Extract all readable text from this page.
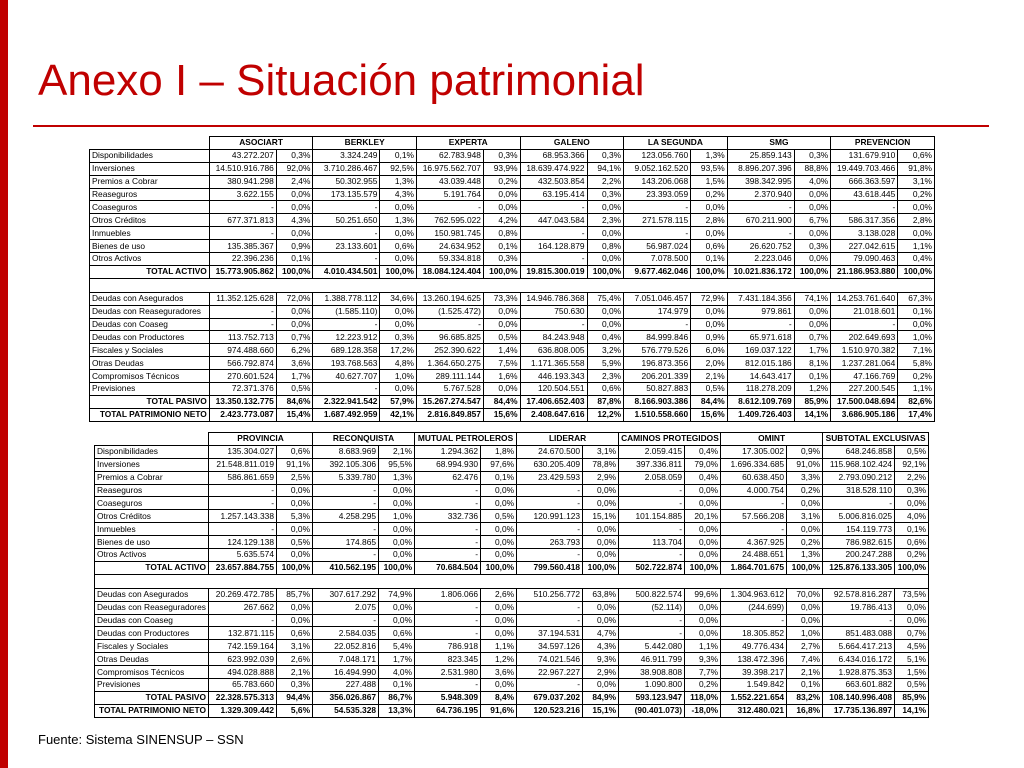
Anexo I – Situación patrimonial
	ASOCIART		BERKLEY		EXPERTA		GALENO		LA SEGUNDA		SMG		PREVENCION	
Disponibilidades	43.272.207	0,3%	3.324.249	0,1%	62.783.948	0,3%	68.953.366	0,3%	123.056.760	1,3%	25.859.143	0,3%	131.679.910	0,6%
Inversiones	14.510.916.786	92,0%	3.710.286.467	92,5%	16.975.562.707	93,9%	18.639.474.922	94,1%	9.052.162.520	93,5%	8.896.207.396	88,8%	19.449.703.466	91,8%
Premios a Cobrar	380.941.298	2,4%	50.302.955	1,3%	43.039.448	0,2%	432.503.854	2,2%	143.206.068	1,5%	398.342.995	4,0%	666.363.597	3,1%
Reaseguros	3.622.155	0,0%	173.135.579	4,3%	5.191.764	0,0%	63.195.414	0,3%	23.393.059	0,2%	2.370.940	0,0%	43.618.445	0,2%
Coaseguros	-	0,0%	-	0,0%	-	0,0%	-	0,0%	-	0,0%	-	0,0%	-	0,0%
Otros Créditos	677.371.813	4,3%	50.251.650	1,3%	762.595.022	4,2%	447.043.584	2,3%	271.578.115	2,8%	670.211.900	6,7%	586.317.356	2,8%
Inmuebles	-	0,0%	-	0,0%	150.981.745	0,8%	-	0,0%	-	0,0%	-	0,0%	3.138.028	0,0%
Bienes de uso	135.385.367	0,9%	23.133.601	0,6%	24.634.952	0,1%	164.128.879	0,8%	56.987.024	0,6%	26.620.752	0,3%	227.042.615	1,1%
Otros Activos	22.396.236	0,1%	-	0,0%	59.334.818	0,3%	-	0,0%	7.078.500	0,1%	2.223.046	0,0%	79.090.463	0,4%
TOTAL ACTIVO	15.773.905.862	100,0%	4.010.434.501	100,0%	18.084.124.404	100,0%	19.815.300.019	100,0%	9.677.462.046	100,0%	10.021.836.172	100,0%	21.186.953.880	100,0%

Deudas con Asegurados	11.352.125.628	72,0%	1.388.778.112	34,6%	13.260.194.625	73,3%	14.946.786.368	75,4%	7.051.046.457	72,9%	7.431.184.356	74,1%	14.253.761.640	67,3%
Deudas con Reaseguradores	-	0,0%	(1.585.110)	0,0%	(1.525.472)	0,0%	750.630	0,0%	174.979	0,0%	979.861	0,0%	21.018.601	0,1%
Deudas con Coaseg	-	0,0%	-	0,0%	-	0,0%	-	0,0%	-	0,0%	-	0,0%	-	0,0%
Deudas con Productores	113.752.713	0,7%	12.223.912	0,3%	96.685.825	0,5%	84.243.948	0,4%	84.999.846	0,9%	65.971.618	0,7%	202.649.693	1,0%
Fiscales y Sociales	974.488.660	6,2%	689.128.358	17,2%	252.390.622	1,4%	636.808.005	3,2%	576.779.526	6,0%	169.037.122	1,7%	1.510.970.382	7,1%
Otras Deudas	566.792.874	3,6%	193.768.563	4,8%	1.364.650.275	7,5%	1.171.365.558	5,9%	196.873.356	2,0%	812.015.186	8,1%	1.237.281.064	5,8%
Compromisos Técnicos	270.601.524	1,7%	40.627.707	1,0%	289.111.144	1,6%	446.193.343	2,3%	206.201.339	2,1%	14.643.417	0,1%	47.166.769	0,2%
Previsiones	72.371.376	0,5%	-	0,0%	5.767.528	0,0%	120.504.551	0,6%	50.827.883	0,5%	118.278.209	1,2%	227.200.545	1,1%
TOTAL PASIVO	13.350.132.775	84,6%	2.322.941.542	57,9%	15.267.274.547	84,4%	17.406.652.403	87,8%	8.166.903.386	84,4%	8.612.109.769	85,9%	17.500.048.694	82,6%
TOTAL PATRIMONIO NETO	2.423.773.087	15,4%	1.687.492.959	42,1%	2.816.849.857	15,6%	2.408.647.616	12,2%	1.510.558.660	15,6%	1.409.726.403	14,1%	3.686.905.186	17,4%
	PROVINCIA		RECONQUISTA		MUTUAL PETROLEROS		LIDERAR		CAMINOS PROTEGIDOS		OMINT		SUBTOTAL EXCLUSIVAS	
Disponibilidades	135.304.027	0,6%	8.683.969	2,1%	1.294.362	1,8%	24.670.500	3,1%	2.059.415	0,4%	17.305.002	0,9%	648.246.858	0,5%
Inversiones	21.548.811.019	91,1%	392.105.306	95,5%	68.994.930	97,6%	630.205.409	78,8%	397.336.811	79,0%	1.696.334.685	91,0%	115.968.102.424	92,1%
Premios a Cobrar	586.861.659	2,5%	5.339.780	1,3%	62.476	0,1%	23.429.593	2,9%	2.058.059	0,4%	60.638.450	3,3%	2.793.090.212	2,2%
Reaseguros	-	0,0%	-	0,0%	-	0,0%	-	0,0%	-	0,0%	4.000.754	0,2%	318.528.110	0,3%
Coaseguros	-	0,0%	-	0,0%	-	0,0%	-	0,0%	-	0,0%	-	0,0%	-	0,0%
Otros Créditos	1.257.143.338	5,3%	4.258.295	1,0%	332.736	0,5%	120.991.123	15,1%	101.154.885	20,1%	57.566.208	3,1%	5.006.816.025	4,0%
Inmuebles	-	0,0%	-	0,0%	-	0,0%	-	0,0%	-	0,0%	-	0,0%	154.119.773	0,1%
Bienes de uso	124.129.138	0,5%	174.865	0,0%	-	0,0%	263.793	0,0%	113.704	0,0%	4.367.925	0,2%	786.982.615	0,6%
Otros Activos	5.635.574	0,0%	-	0,0%	-	0,0%	-	0,0%	-	0,0%	24.488.651	1,3%	200.247.288	0,2%
TOTAL ACTIVO	23.657.884.755	100,0%	410.562.195	100,0%	70.684.504	100,0%	799.560.418	100,0%	502.722.874	100,0%	1.864.701.675	100,0%	125.876.133.305	100,0%

Deudas con Asegurados	20.269.472.785	85,7%	307.617.292	74,9%	1.806.066	2,6%	510.256.772	63,8%	500.822.574	99,6%	1.304.963.612	70,0%	92.578.816.287	73,5%
Deudas con Reaseguradores	267.662	0,0%	2.075	0,0%	-	0,0%	-	0,0%	(52.114)	0,0%	(244.699)	0,0%	19.786.413	0,0%
Deudas con Coaseg	-	0,0%	-	0,0%	-	0,0%	-	0,0%	-	0,0%	-	0,0%	-	0,0%
Deudas con Productores	132.871.115	0,6%	2.584.035	0,6%	-	0,0%	37.194.531	4,7%	-	0,0%	18.305.852	1,0%	851.483.088	0,7%
Fiscales y Sociales	742.159.164	3,1%	22.052.816	5,4%	786.918	1,1%	34.597.126	4,3%	5.442.080	1,1%	49.776.434	2,7%	5.664.417.213	4,5%
Otras Deudas	623.992.039	2,6%	7.048.171	1,7%	823.345	1,2%	74.021.546	9,3%	46.911.799	9,3%	138.472.396	7,4%	6.434.016.172	5,1%
Compromisos Técnicos	494.028.888	2,1%	16.494.990	4,0%	2.531.980	3,6%	22.967.227	2,9%	38.908.808	7,7%	39.398.217	2,1%	1.928.875.353	1,5%
Previsiones	65.783.660	0,3%	227.488	0,1%	-	0,0%	-	0,0%	1.090.800	0,2%	1.549.842	0,1%	663.601.882	0,5%
TOTAL PASIVO	22.328.575.313	94,4%	356.026.867	86,7%	5.948.309	8,4%	679.037.202	84,9%	593.123.947	118,0%	1.552.221.654	83,2%	108.140.996.408	85,9%
TOTAL PATRIMONIO NETO	1.329.309.442	5,6%	54.535.328	13,3%	64.736.195	91,6%	120.523.216	15,1%	(90.401.073)	-18,0%	312.480.021	16,8%	17.735.136.897	14,1%
Fuente: Sistema SINENSUP – SSN
